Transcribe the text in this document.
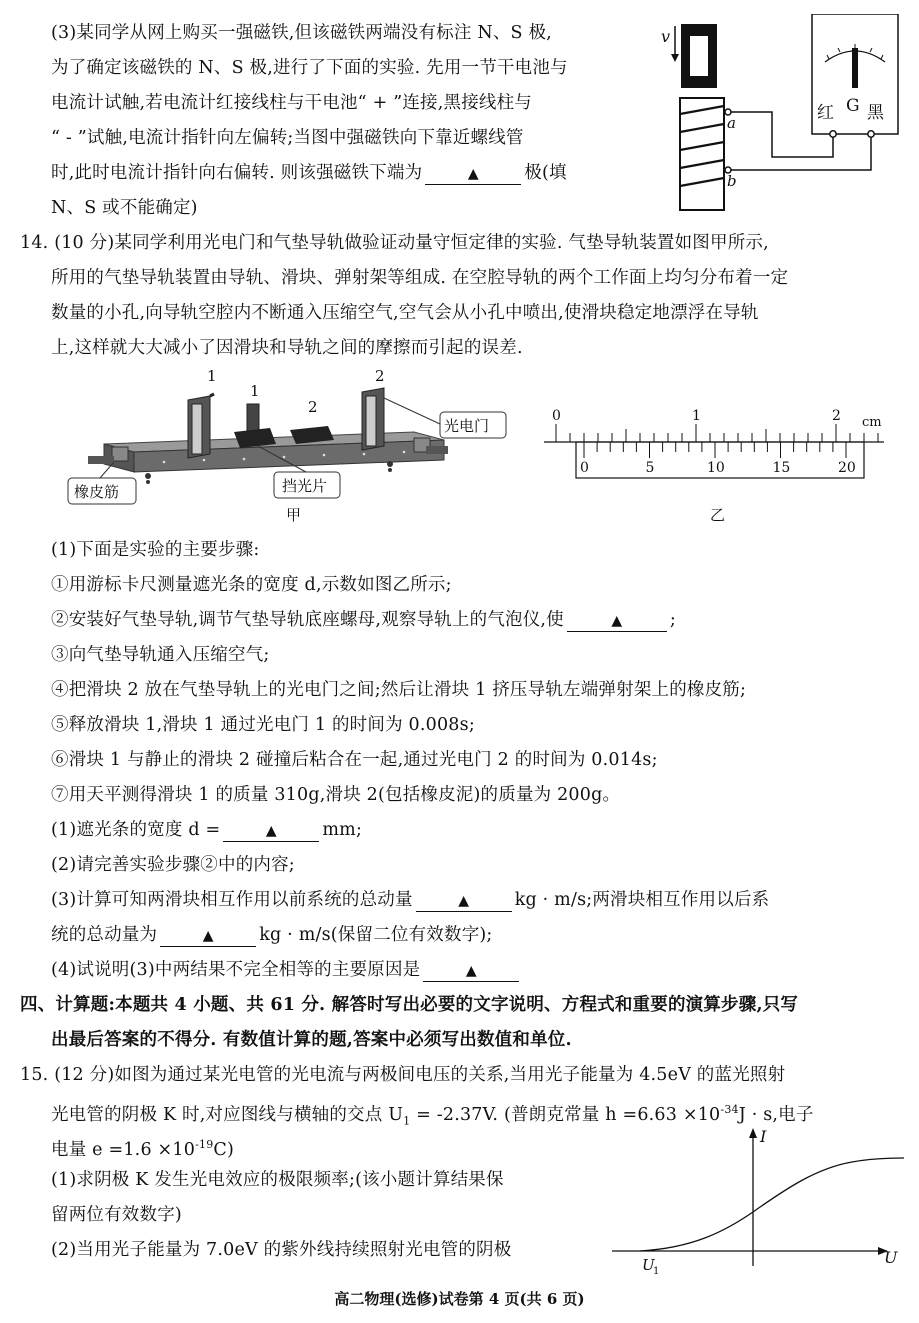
(3)某同学从网上购买一强磁铁,但该磁铁两端没有标注 N、S 极,
为了确定该磁铁的 N、S 极,进行了下面的实验. 先用一节干电池与
电流计试触,若电流计红接线柱与干电池“ + ”连接,黑接线柱与
“ - ”试触,电流计指针向左偏转;当图中强磁铁向下靠近螺线管
时,此时电流计指针向右偏转. 则该强磁铁下端为	▲	极(填
N、S 或不能确定)
v
a
b
红 G 黑
14. (10 分)某同学利用光电门和气垫导轨做验证动量守恒定律的实验. 气垫导轨装置如图甲所示,
所用的气垫导轨装置由导轨、滑块、弹射架等组成. 在空腔导轨的两个工作面上均匀分布着一定
数量的小孔,向导轨空腔内不断通入压缩空气,空气会从小孔中喷出,使滑块稳定地漂浮在导轨
上,这样就大大减小了因滑块和导轨之间的摩擦而引起的误差.
1
1
2
2
光电门
橡皮筋	挡光片
甲
0	1	2 cm
0	5	10	15	20
乙
(1)下面是实验的主要步骤:
①用游标卡尺测量遮光条的宽度 d,示数如图乙所示;
②安装好气垫导轨,调节气垫导轨底座螺母,观察导轨上的气泡仪,使	▲	;
③向气垫导轨通入压缩空气;
④把滑块 2 放在气垫导轨上的光电门之间;然后让滑块 1 挤压导轨左端弹射架上的橡皮筋;
⑤释放滑块 1,滑块 1 通过光电门 1 的时间为 0.008s;
⑥滑块 1 与静止的滑块 2 碰撞后粘合在一起,通过光电门 2 的时间为 0.014s;
⑦用天平测得滑块 1 的质量 310g,滑块 2(包括橡皮泥)的质量为 200g。
(1)遮光条的宽度 d =	▲	mm;
(2)请完善实验步骤②中的内容;
(3)计算可知两滑块相互作用以前系统的总动量	▲	kg · m/s;两滑块相互作用以后系
统的总动量为	▲	kg · m/s(保留二位有效数字);
(4)试说明(3)中两结果不完全相等的主要原因是	▲
四、计算题:本题共 4 小题、共 61 分. 解答时写出必要的文字说明、方程式和重要的演算步骤,只写
出最后答案的不得分. 有数值计算的题,答案中必须写出数值和单位.
15. (12 分)如图为通过某光电管的光电流与两极间电压的关系,当用光子能量为 4.5eV 的蓝光照射
光电管的阴极 K 时,对应图线与横轴的交点 $U_1 = -2.37V$. (普朗克常量 $h =6.63 \times 10^{-34}J \cdot s$,电子
电量 $e =1.6 \times 10^{-19}C$)
(1)求阴极 K 发生光电效应的极限频率;(该小题计算结果保
留两位有效数字)
(2)当用光子能量为 7.0eV 的紫外线持续照射光电管的阴极	U
I
U
1
高二物理(选修)试卷第 4 页(共 6 页)
